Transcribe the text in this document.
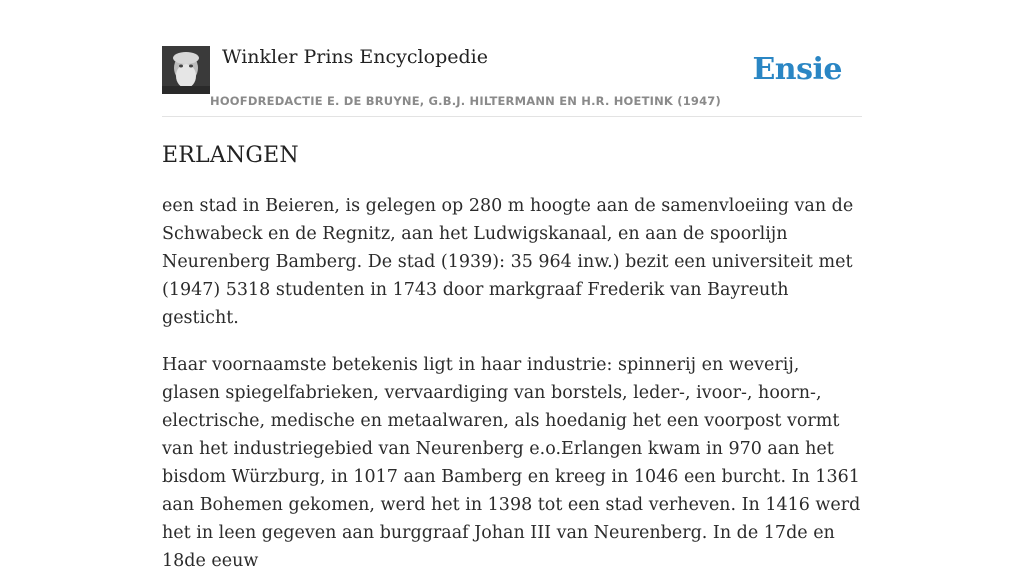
Winkler Prins Encyclopedie
HOOFDREDACTIE E. DE BRUYNE, G.B.J. HILTERMANN EN H.R. HOETINK (1947)
Ensie
ERLANGEN

een stad in Beieren, is gelegen op 280 m hoogte aan de samenvloeiing van de Schwabeck en de Regnitz, aan het Ludwigskanaal, en aan de spoorlijn Neurenberg Bamberg. De stad (1939): 35 964 inw.) bezit een universiteit met (1947) 5318 studenten in 1743 door markgraaf Frederik van Bayreuth gesticht.

Haar voornaamste betekenis ligt in haar industrie: spinnerij en weverij, glasen spiegelfabrieken, vervaardiging van borstels, leder-, ivoor-, hoorn-, electrische, medische en metaalwaren, als hoedanig het een voorpost vormt van het industriegebied van Neurenberg e.o.Erlangen kwam in 970 aan het bisdom Würzburg, in 1017 aan Bamberg en kreeg in 1046 een burcht. In 1361 aan Bohemen gekomen, werd het in 1398 tot een stad verheven. In 1416 werd het in leen gegeven aan burggraaf Johan III van Neurenberg. In de 17de en 18de eeuw
